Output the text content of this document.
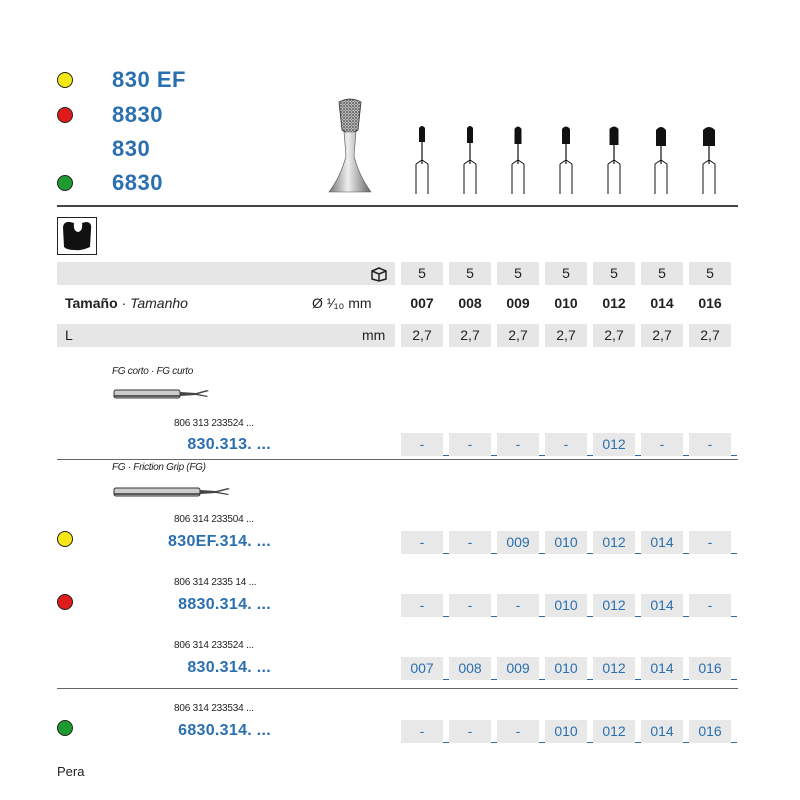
830 EF
8830
830
6830
5	5	5	5	5	5	5
Tamaño · Tamanho	Ø ¹⁄₁₀ mm	007	008	009	010	012	014	016
L	mm	2,7	2,7	2,7	2,7	2,7	2,7	2,7
FG corto · FG curto
806 313 233524 ...
830.313. ...	-	-	-	-	012	-	-
FG · Friction Grip (FG)
806 314 233504 ...
830EF.314. ...	-	-	009	010	012	014	-
806 314 2335 14 ...
8830.314. ...	-	-	-	010	012	014	-
806 314 233524 ...
830.314. ...	007	008	009	010	012	014	016
806 314 233534 ...
6830.314. ...	-	-	-	010	012	014	016
Pera
